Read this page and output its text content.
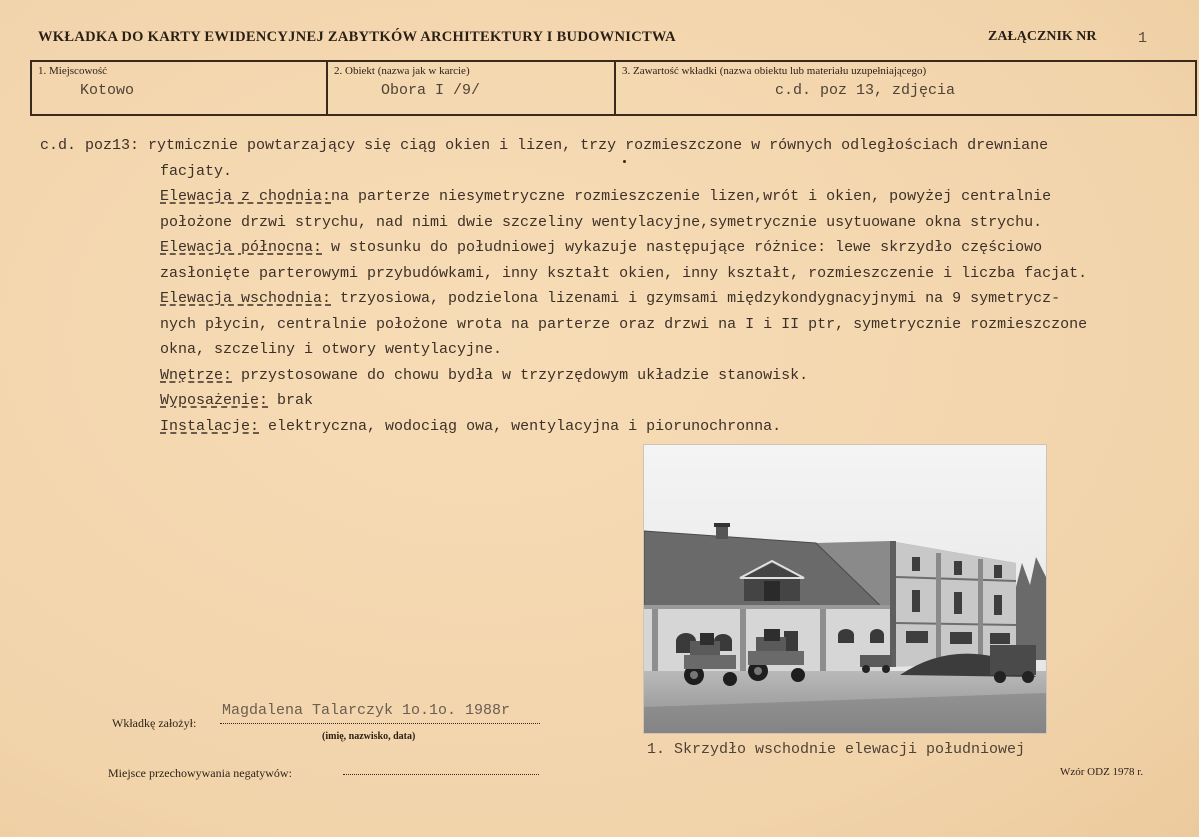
WKŁADKA DO KARTY EWIDENCYJNEJ ZABYTKÓW ARCHITEKTURY I BUDOWNICTWA	ZAŁĄCZNIK NR	1
1. Miejscowość
Kotowo
2. Obiekt (nazwa jak w karcie)
Obora I /9/
3. Zawartość wkładki (nazwa obiektu lub materiału uzupełniającego)
c.d. poz 13, zdjęcia
c.d. poz13: rytmicznie powtarzający się ciąg okien i lizen, trzy rozmieszczone w równych odległościach drewniane
facjaty.
Elewacja z chodnia:na parterze niesymetryczne rozmieszczenie lizen,wrót i okien, powyżej centralnie
położone drzwi strychu, nad nimi dwie szczeliny wentylacyjne,symetrycznie usytuowane okna strychu.
Elewacja północna: w stosunku do południowej wykazuje następujące różnice: lewe skrzydło częściowo
zasłonięte parterowymi przybudówkami, inny kształt okien, inny kształt, rozmieszczenie i liczba facjat.
Elewacja wschodnia: trzyosiowa, podzielona lizenami i gzymsami międzykondygnacyjnymi na 9 symetrycz-
nych płycin, centralnie położone wrota na parterze oraz drzwi na I i II ptr, symetrycznie rozmieszczone
okna, szczeliny i otwory wentylacyjne.
Wnętrze: przystosowane do chowu bydła w trzyrzędowym układzie stanowisk.
Wyposażenie: brak
Instalacje: elektryczna, wodociąg owa, wentylacyjna i piorunochronna.
1. Skrzydło wschodnie elewacji południowej
Magdalena Talarczyk 1o.1o. 1988r
Wkładkę założył:
(imię, nazwisko, data)
Miejsce przechowywania negatywów:	Wzór ODZ 1978 r.
